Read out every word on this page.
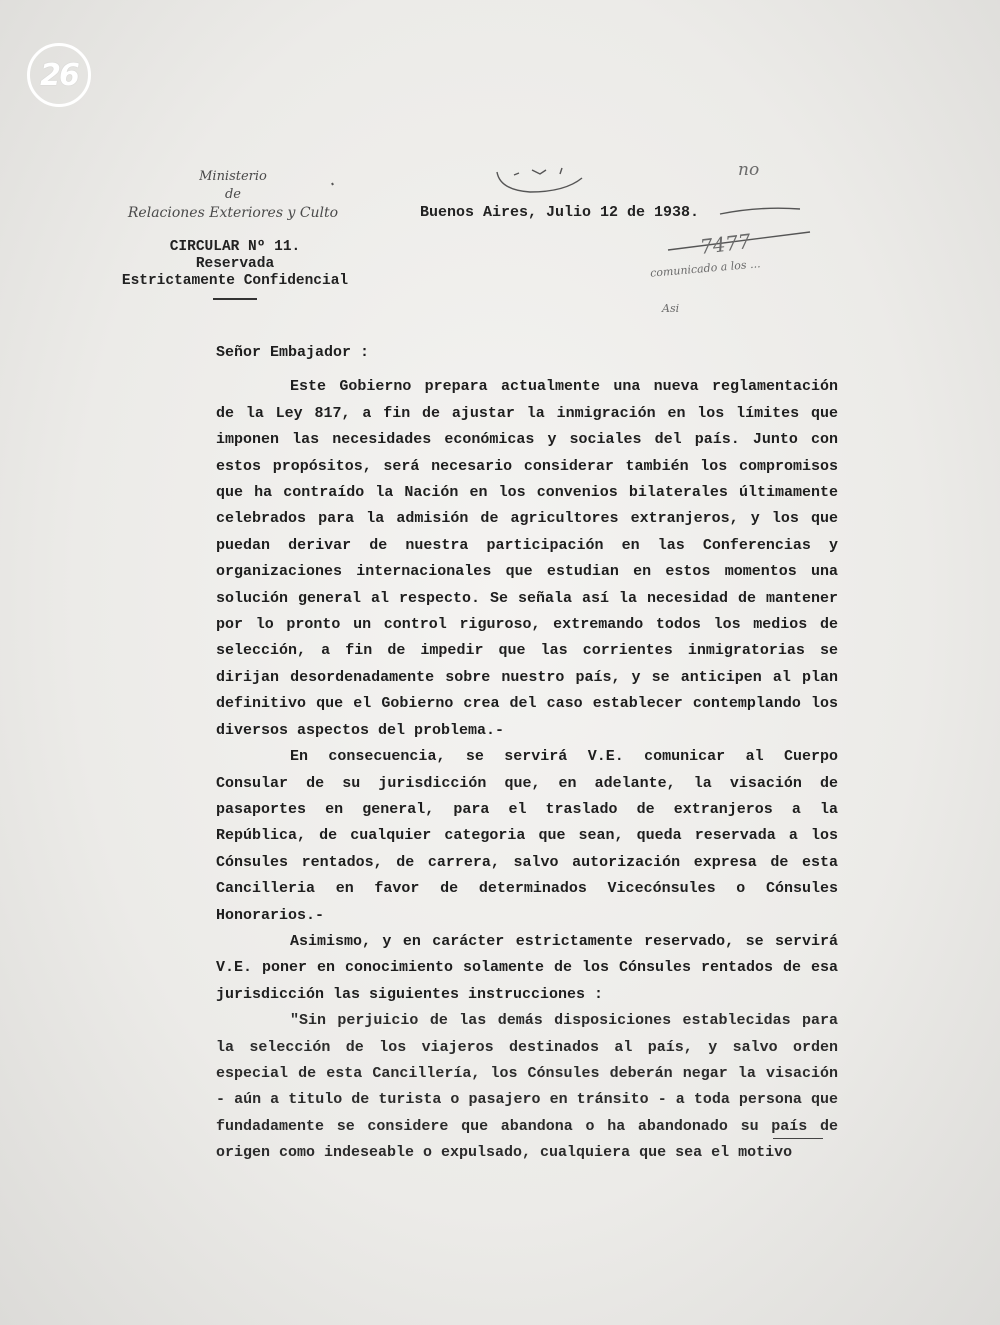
26
Ministerio
de
Relaciones Exteriores y Culto
CIRCULAR Nº 11.
Reservada
Estrictamente Confidencial
Buenos Aires, Julio 12 de 1938.
no
7477
comunicado a los ...
Asi

Señor Embajador :

Este Gobierno prepara actualmente una nueva reglamentación de la Ley 817, a fin de ajustar la inmigración en los límites que imponen las necesidades económicas y sociales del país. Junto con estos propósitos, será necesario considerar también los compromisos que ha contraído la Nación en los convenios bilaterales últimamente celebrados para la admisión de agricultores extranjeros, y los que puedan derivar de nuestra participación en las Conferencias y organizaciones internacionales que estudian en estos momentos una solución general al respecto. Se señala así la necesidad de mantener por lo pronto un control riguroso, extremando todos los medios de selección, a fin de impedir que las corrientes inmigratorias se dirijan desordenadamente sobre nuestro país, y se anticipen al plan definitivo que el Gobierno crea del caso establecer contemplando los diversos aspectos del problema.-

En consecuencia, se servirá V.E. comunicar al Cuerpo Consular de su jurisdicción que, en adelante, la visación de pasaportes en general, para el traslado de extranjeros a la República, de cualquier categoria que sean, queda reservada a los Cónsules rentados, de carrera, salvo autorización expresa de esta Cancilleria en favor de determinados Vicecónsules o Cónsules Honorarios.-

Asimismo, y en carácter estrictamente reservado, se servirá V.E. poner en conocimiento solamente de los Cónsules rentados de esa jurisdicción las siguientes instrucciones :

"Sin perjuicio de las demás disposiciones establecidas para la selección de los viajeros destinados al país, y salvo orden especial de esta Cancillería, los Cónsules deberán negar la visación - aún a titulo de turista o pasajero en tránsito - a toda persona que fundadamente se considere que abandona o ha abandonado su país de origen como indeseable o expulsado, cualquiera que sea el motivo
